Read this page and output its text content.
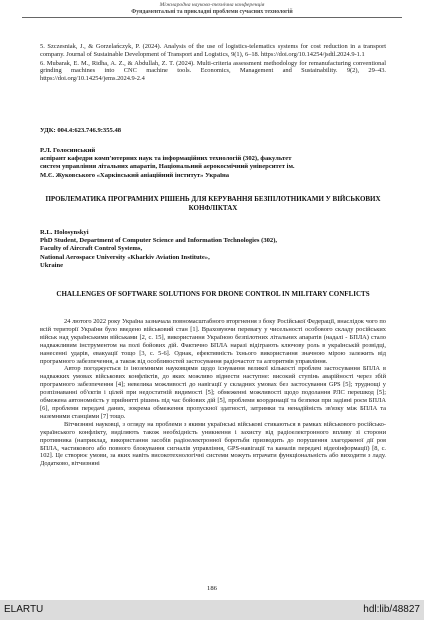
Міжнародна науково-технічна конференція
Фундаментальні та прикладні проблеми сучасних технологій

5. Szczesniak, J., & Gorzelańczyk, P. (2024). Analysis of the use of logistics-telematics systems for cost reduction in a transport company. Journal of Sustainable Development of Transport and Logistics, 9(1), 6–18. https://doi.org/10.14254/jsdtl.2024.9-1.1

6. Mubarak, E. M., Ridha, A. Z., & Abdullah, Z. T. (2024). Multi-criteria assessment methodology for remanufacturing conventional grinding machines into CNC machine tools. Economics, Management and Sustainability. 9(2), 29–43. https://doi.org/10.14254/jems.2024.9-2.4

УДК: 004.4:623.746.9:355.48
Р.Л. Голосинський
аспірант кафедри комп'ютерних наук та інформаційних технологій (302), факультет
систем управління літальних апаратів, Національний аерокосмічний університет ім.
М.Є. Жуковського «Харківський авіаційний інститут» Україна
ПРОБЛЕМАТИКА ПРОГРАМНИХ РІШЕНЬ ДЛЯ КЕРУВАННЯ БЕЗПІЛОТНИКАМИ У ВІЙСЬКОВИХ КОНФЛІКТАХ
R.L. Holosynskyi
PhD Student, Department of Computer Science and Information Technologies (302),
Faculty of Aircraft Control Systems,
National Aerospace University «Kharkiv Aviation Institute»,
Ukraine
CHALLENGES OF SOFTWARE SOLUTIONS FOR DRONE CONTROL IN MILITARY CONFLICTS

24 лютого 2022 року Україна зазначала повномасштабного вторгнення з боку Російської Федерації, внаслідок чого по всій території України було введено військовий стан [1]. Враховуючи перевагу у чисельності особового складу російських військ над українськими військами [2, с. 15], використання Україною безпілотних літальних апаратів (надалі - БПЛА) стало надважливим інструментом на полі бойових дій. Фактично БПЛА наразі відіграють ключову роль в українській розвідці, нанесенні ударів, евакуації тощо [3, с. 5-6]. Однак, ефективність їхнього використання значною мірою залежить від програмного забезпечення, а також від особливостей застосування радіочастот та алгоритмів управління.

Автор погоджується із іноземними науковцями щодо існування великої кількості проблем застосування БПЛА в надважких умовах військових конфліктів, до яких можливо віднести наступне: високий ступінь аварійності через збій програмного забезпечення [4]; невелика можливості до навігації у складних умовах без застосування GPS [5]; труднощі у розпізнаванні об'єктів і цілей при недостатній видимості [5]; обмеженні можливості щодо подолання РЛС перешкод [5]; обмежена автономність у прийнятті рішень під час бойових дій [5], проблеми координації та безпеки при задіяні роєм БПЛА [6], проблеми передачі даних, зокрема обмеження пропускної здатності, затримки та ненадійність зв'язку між БПЛА та наземними станціями [7] тощо.

Вітчизняні науковці, з огляду на проблеми з якими українські військові стикаються в рамках військового російсько-українського конфлікту, виділяють також необхідність уникнення і захисту від радіоелектронного впливу зі сторони противника (наприклад, використання засобів радіоелектронної боротьби призводить до порушення злагодженої дії роя БПЛА, частикового або повного блокування сигналів управління, GPS-навігації та каналів передачі відеоінформації) [8, с. 102]. Це створює умови, за яких навіть високотехнологічні системи можуть втрачати функціональність або виходити з ладу. Додатково, вітчизняні

186
ELARTU	hdl:lib/48827
